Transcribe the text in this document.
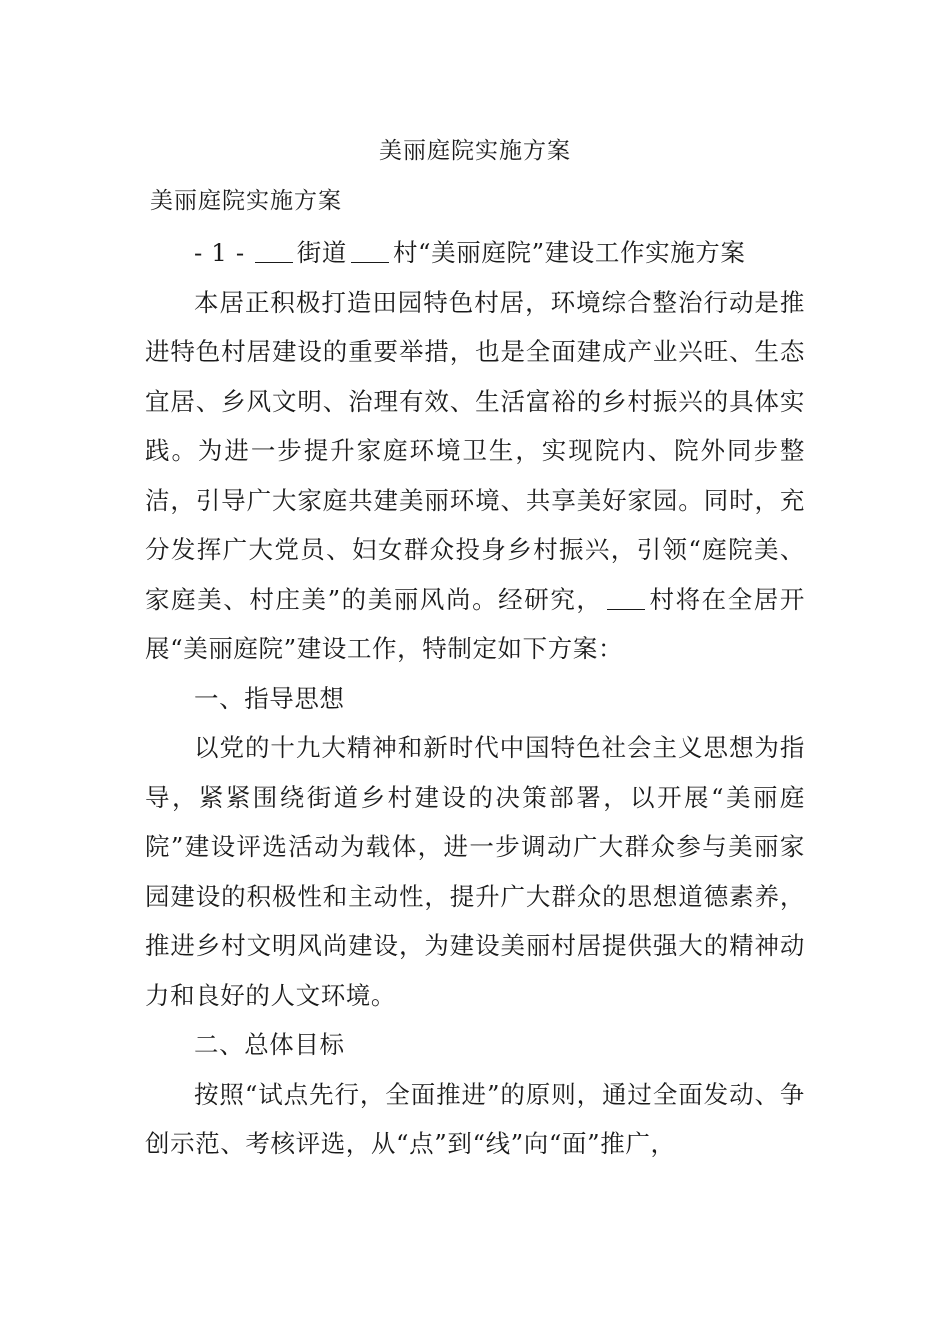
美丽庭院实施方案
美丽庭院实施方案

- 1 - 街道 村“美丽庭院”建设工作实施方案

本居正积极打造田园特色村居，环境综合整治行动是推进特色村居建设的重要举措，也是全面建成产业兴旺、生态宜居、乡风文明、治理有效、生活富裕的乡村振兴的具体实践。为进一步提升家庭环境卫生，实现院内、院外同步整洁，引导广大家庭共建美丽环境、共享美好家园。同时，充分发挥广大党员、妇女群众投身乡村振兴，引领“庭院美、家庭美、村庄美”的美丽风尚。经研究， 村将在全居开展“美丽庭院”建设工作，特制定如下方案：

一、指导思想

以党的十九大精神和新时代中国特色社会主义思想为指导，紧紧围绕街道乡村建设的决策部署，以开展“美丽庭院”建设评选活动为载体，进一步调动广大群众参与美丽家园建设的积极性和主动性，提升广大群众的思想道德素养，推进乡村文明风尚建设，为建设美丽村居提供强大的精神动力和良好的人文环境。

二、总体目标

按照“试点先行，全面推进”的原则，通过全面发动、争创示范、考核评选，从“点”到“线”向“面”推广，
